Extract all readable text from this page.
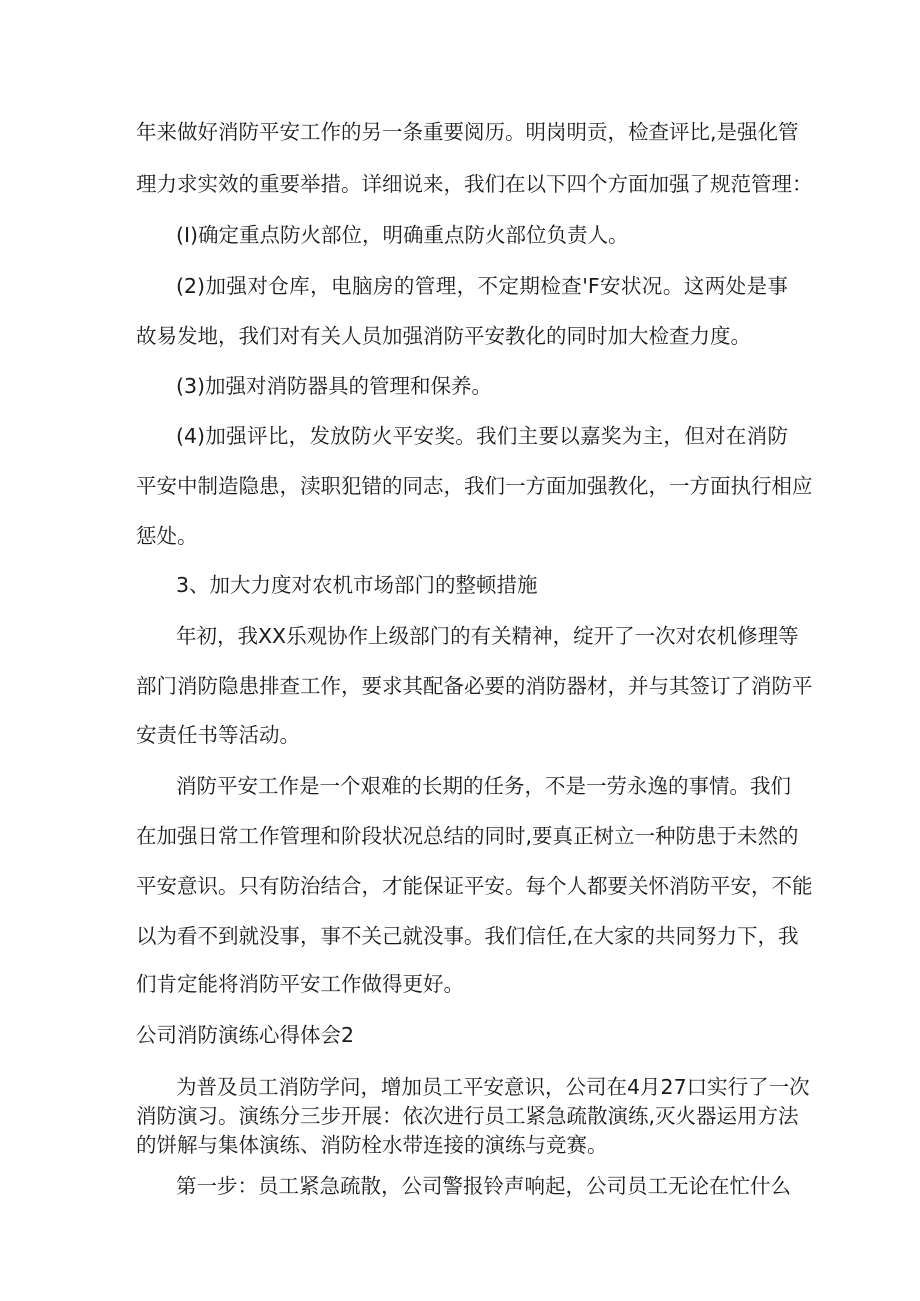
年来做好消防平安工作的另一条重要阅历。明岗明贡，检查评比,是强化管
理力求实效的重要举措。详细说来，我们在以下四个方面加强了规范管理：
(I)确定重点防火部位，明确重点防火部位负责人。
(2)加强对仓库，电脑房的管理，不定期检查'F安状况。这两处是事
故易发地，我们对有关人员加强消防平安教化的同时加大检查力度。
(3)加强对消防器具的管理和保养。
(4)加强评比，发放防火平安奖。我们主要以嘉奖为主，但对在消防
平安中制造隐患，渎职犯错的同志，我们一方面加强教化，一方面执行相应
惩处。
3、加大力度对农机市场部门的整顿措施
年初，我XX乐观协作上级部门的有关精神，绽开了一次对农机修理等
部门消防隐患排查工作，要求其配备必要的消防器材，并与其签订了消防平
安责任书等活动。
消防平安工作是一个艰难的长期的任务，不是一劳永逸的事情。我们
在加强日常工作管理和阶段状况总结的同时,要真正树立一种防患于未然的
平安意识。只有防治结合，才能保证平安。每个人都要关怀消防平安，不能
以为看不到就没事，事不关己就没事。我们信任,在大家的共同努力下，我
们肯定能将消防平安工作做得更好。
公司消防演练心得体会2
为普及员工消防学问，增加员工平安意识，公司在4月27口实行了一次
消防演习。演练分三步开展：依次进行员工紧急疏散演练,灭火器运用方法
的饼解与集体演练、消防栓水带连接的演练与竞赛。
第一步：员工紧急疏散，公司警报铃声响起，公司员工无论在忙什么
